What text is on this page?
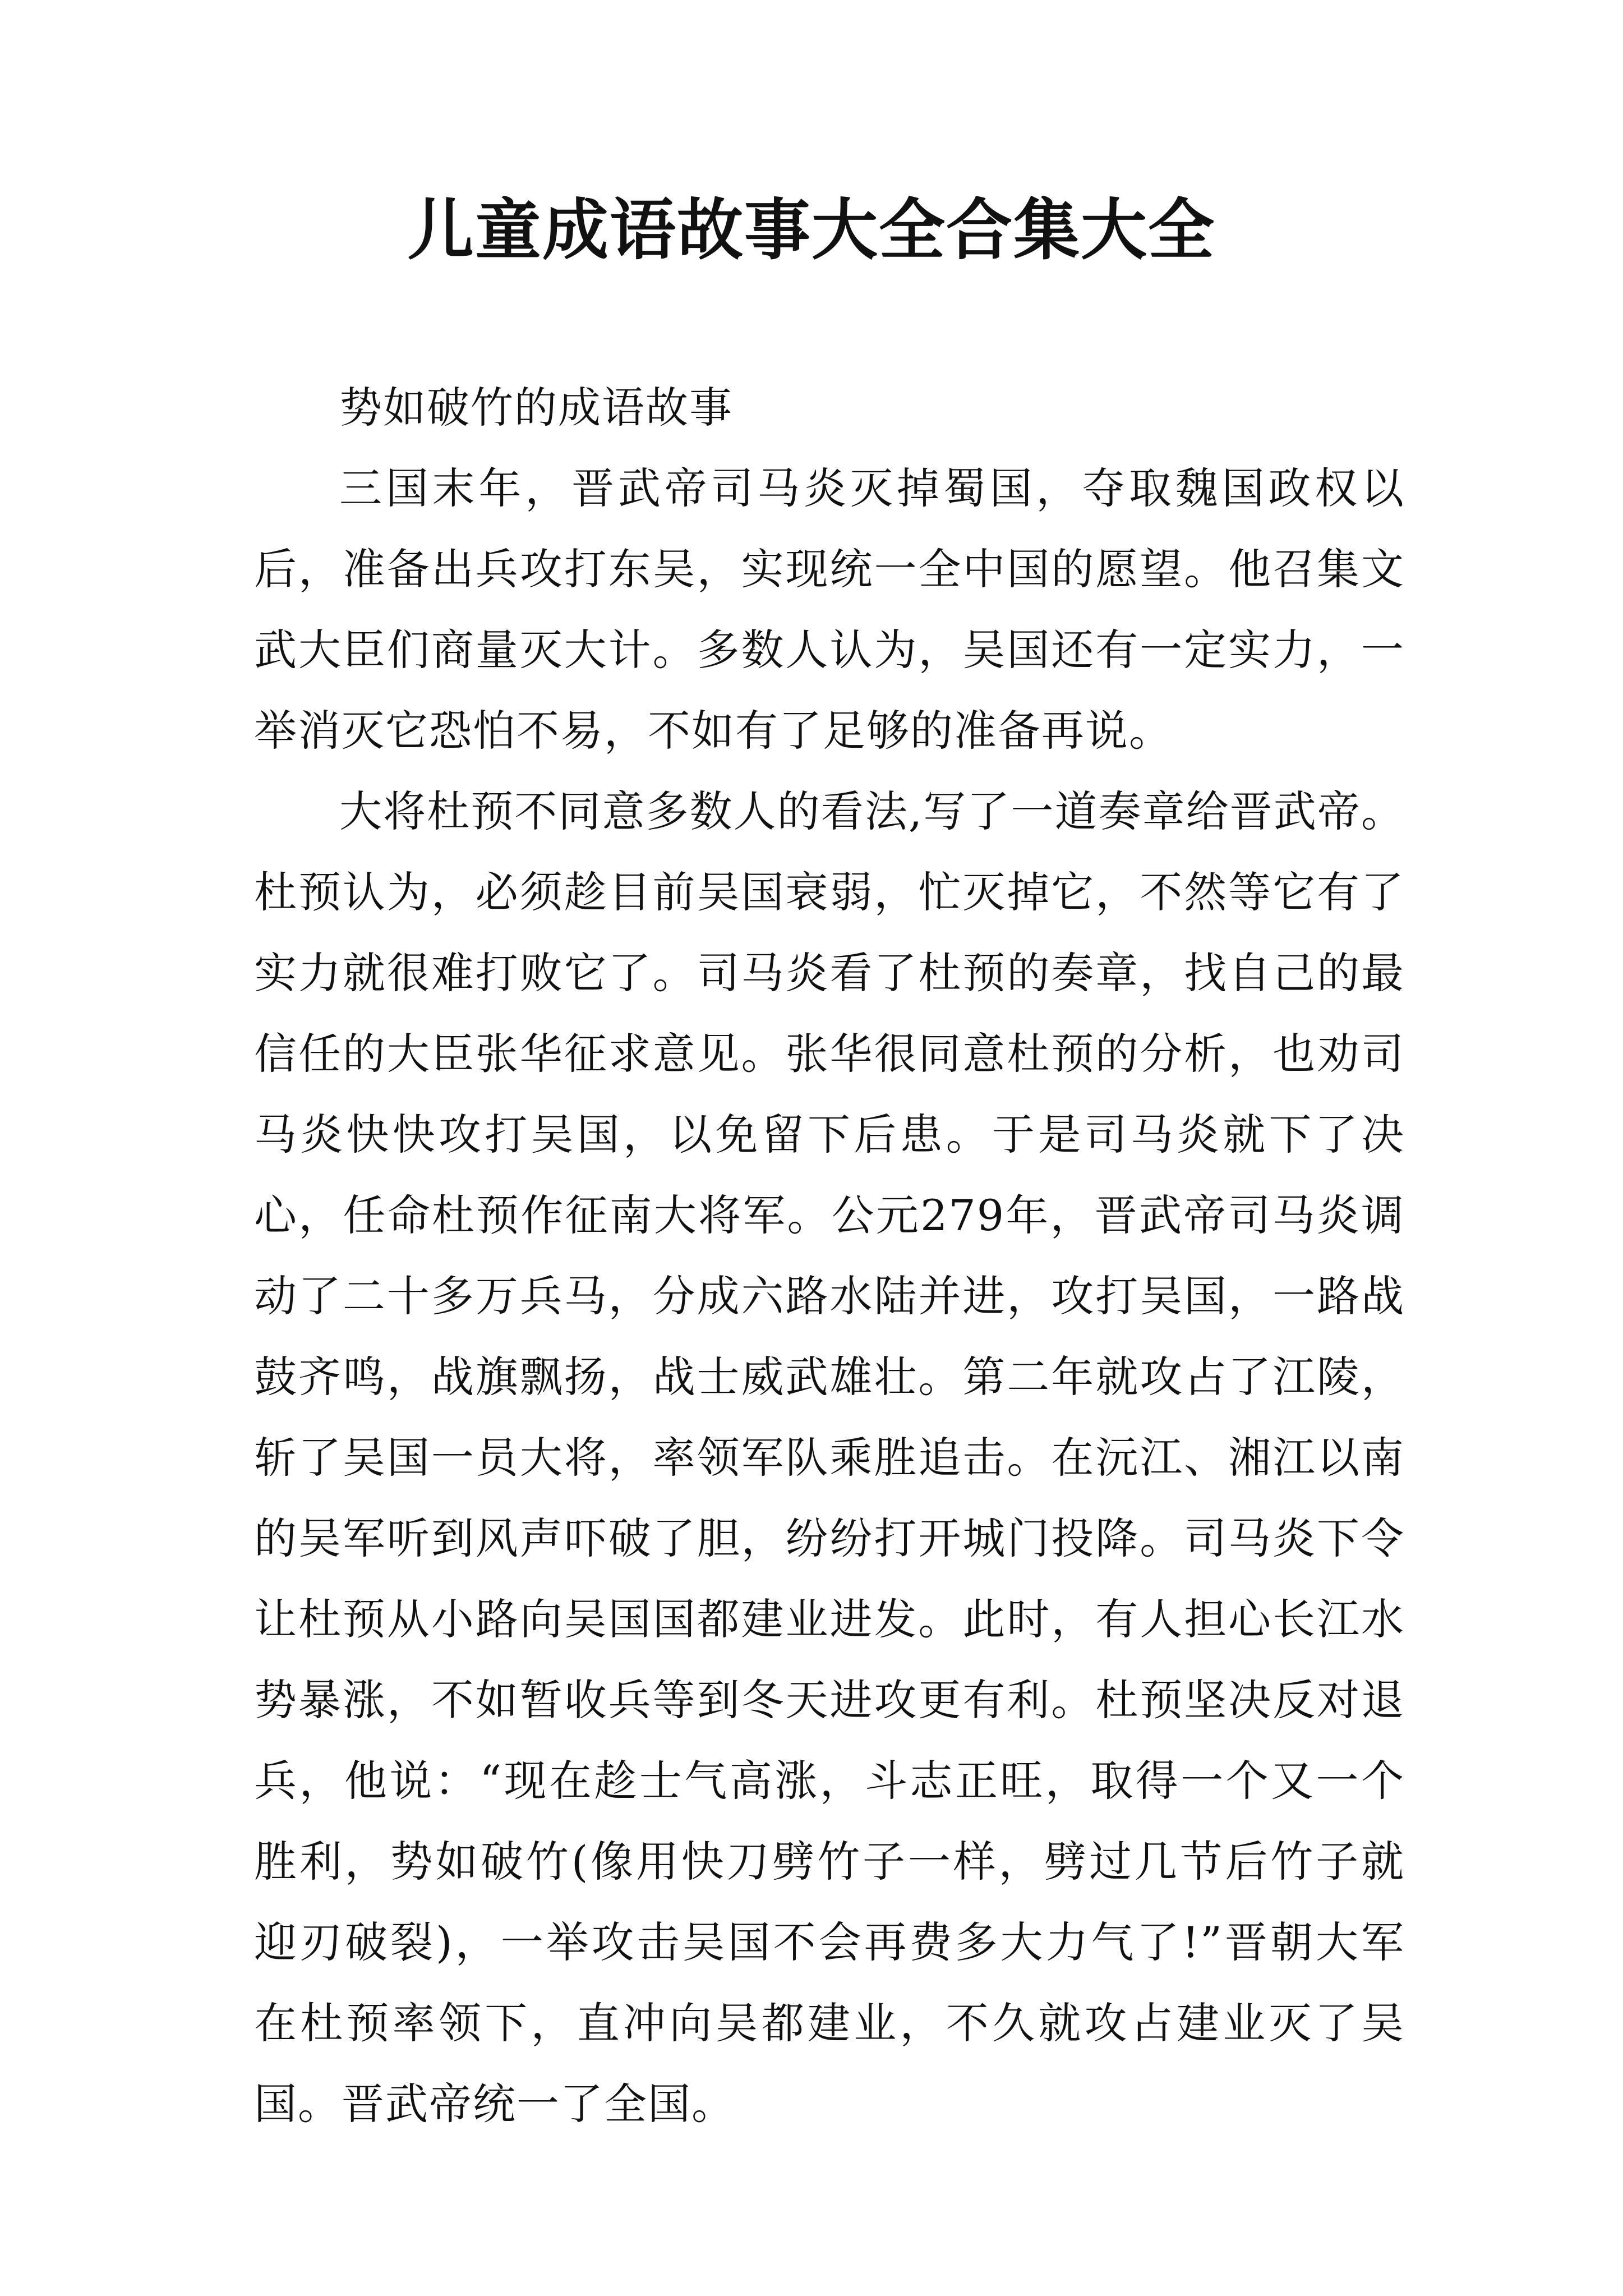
儿童成语故事大全合集大全

势如破竹的成语故事

三国末年，晋武帝司马炎灭掉蜀国，夺取魏国政权以后，准备出兵攻打东吴，实现统一全中国的愿望。他召集文武大臣们商量灭大计。多数人认为，吴国还有一定实力，一举消灭它恐怕不易，不如有了足够的准备再说。

大将杜预不同意多数人的看法,写了一道奏章给晋武帝。杜预认为，必须趁目前吴国衰弱，忙灭掉它，不然等它有了实力就很难打败它了。司马炎看了杜预的奏章，找自己的最信任的大臣张华征求意见。张华很同意杜预的分析，也劝司马炎快快攻打吴国，以免留下后患。于是司马炎就下了决心，任命杜预作征南大将军。公元279年，晋武帝司马炎调动了二十多万兵马，分成六路水陆并进，攻打吴国，一路战鼓齐鸣，战旗飘扬，战士威武雄壮。第二年就攻占了江陵，斩了吴国一员大将，率领军队乘胜追击。在沅江、湘江以南的吴军听到风声吓破了胆，纷纷打开城门投降。司马炎下令让杜预从小路向吴国国都建业进发。此时，有人担心长江水势暴涨，不如暂收兵等到冬天进攻更有利。杜预坚决反对退兵，他说：“现在趁士气高涨，斗志正旺，取得一个又一个胜利，势如破竹(像用快刀劈竹子一样，劈过几节后竹子就迎刃破裂)，一举攻击吴国不会再费多大力气了!”晋朝大军在杜预率领下，直冲向吴都建业，不久就攻占建业灭了吴国。晋武帝统一了全国。
